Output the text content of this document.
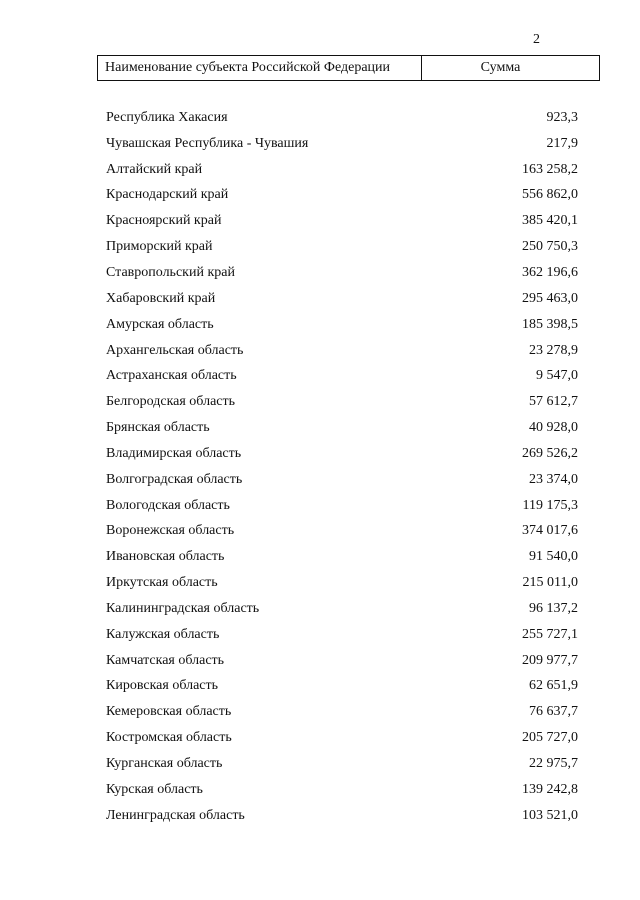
2
Наименование субъекта Российской Федерации	Сумма
Республика Хакасия	923,3
Чувашская Республика - Чувашия	217,9
Алтайский край	163 258,2
Краснодарский край	556 862,0
Красноярский край	385 420,1
Приморский край	250 750,3
Ставропольский край	362 196,6
Хабаровский край	295 463,0
Амурская область	185 398,5
Архангельская область	23 278,9
Астраханская область	9 547,0
Белгородская область	57 612,7
Брянская область	40 928,0
Владимирская область	269 526,2
Волгоградская область	23 374,0
Вологодская область	119 175,3
Воронежская область	374 017,6
Ивановская область	91 540,0
Иркутская область	215 011,0
Калининградская область	96 137,2
Калужская область	255 727,1
Камчатская область	209 977,7
Кировская область	62 651,9
Кемеровская область	76 637,7
Костромская область	205 727,0
Курганская область	22 975,7
Курская область	139 242,8
Ленинградская область	103 521,0
